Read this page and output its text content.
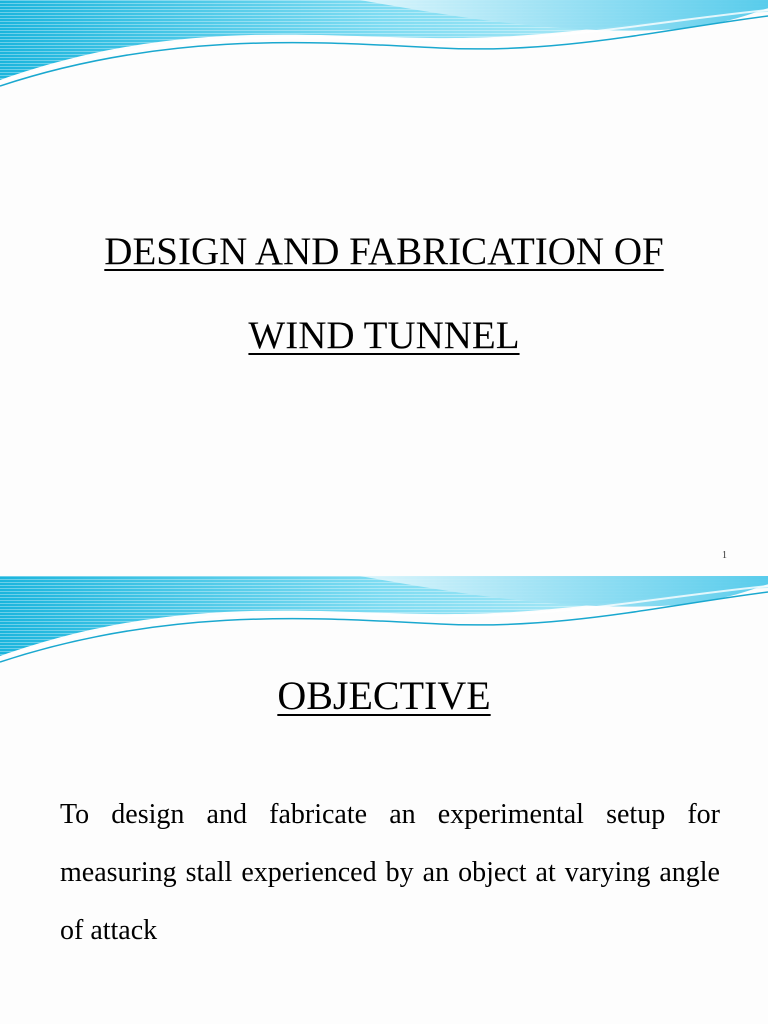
DESIGN AND FABRICATION OF
WIND TUNNEL
1
OBJECTIVE
To design and fabricate an experimental setup for measuring stall experienced by an object at varying angle of attack
